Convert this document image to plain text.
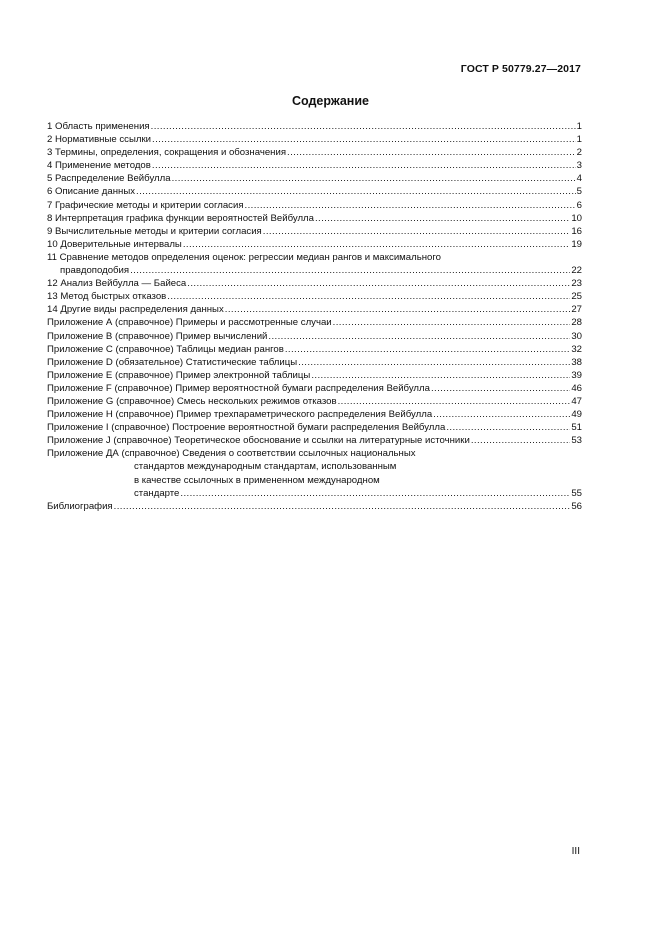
ГОСТ Р 50779.27—2017
Содержание
1 Область применения .....	1
2 Нормативные ссылки .....	1
3 Термины, определения, сокращения и обозначения .....	2
4 Применение методов .....	3
5 Распределение Вейбулла .....	4
6 Описание данных .....	5
7 Графические методы и критерии согласия .....	6
8 Интерпретация графика функции вероятностей Вейбулла .....	10
9 Вычислительные методы и критерии согласия .....	16
10 Доверительные интервалы .....	19
11 Сравнение методов определения оценок: регрессии медиан рангов и максимального
правдоподобия .....	22
12 Анализ Вейбулла — Байеса .....	23
13 Метод быстрых отказов .....	25
14 Другие виды распределения данных .....	27
Приложение А (справочное) Примеры и рассмотренные случаи .....	28
Приложение В (справочное) Пример вычислений .....	30
Приложение С (справочное) Таблицы медиан рангов .....	32
Приложение D (обязательное) Статистические таблицы .....	38
Приложение Е (справочное) Пример электронной таблицы .....	39
Приложение F (справочное) Пример вероятностной бумаги распределения Вейбулла .....	46
Приложение G (справочное) Смесь нескольких режимов отказов .....	47
Приложение Н (справочное) Пример трехпараметрического распределения Вейбулла .....	49
Приложение I (справочное) Построение вероятностной бумаги распределения Вейбулла .....	51
Приложение J (справочное) Теоретическое обоснование и ссылки на литературные источники .....	53
Приложение ДА (справочное) Сведения о соответствии ссылочных национальных
стандартов международным стандартам, использованным
в качестве ссылочных в примененном международном
стандарте .....	55
Библиография .....	56
III
